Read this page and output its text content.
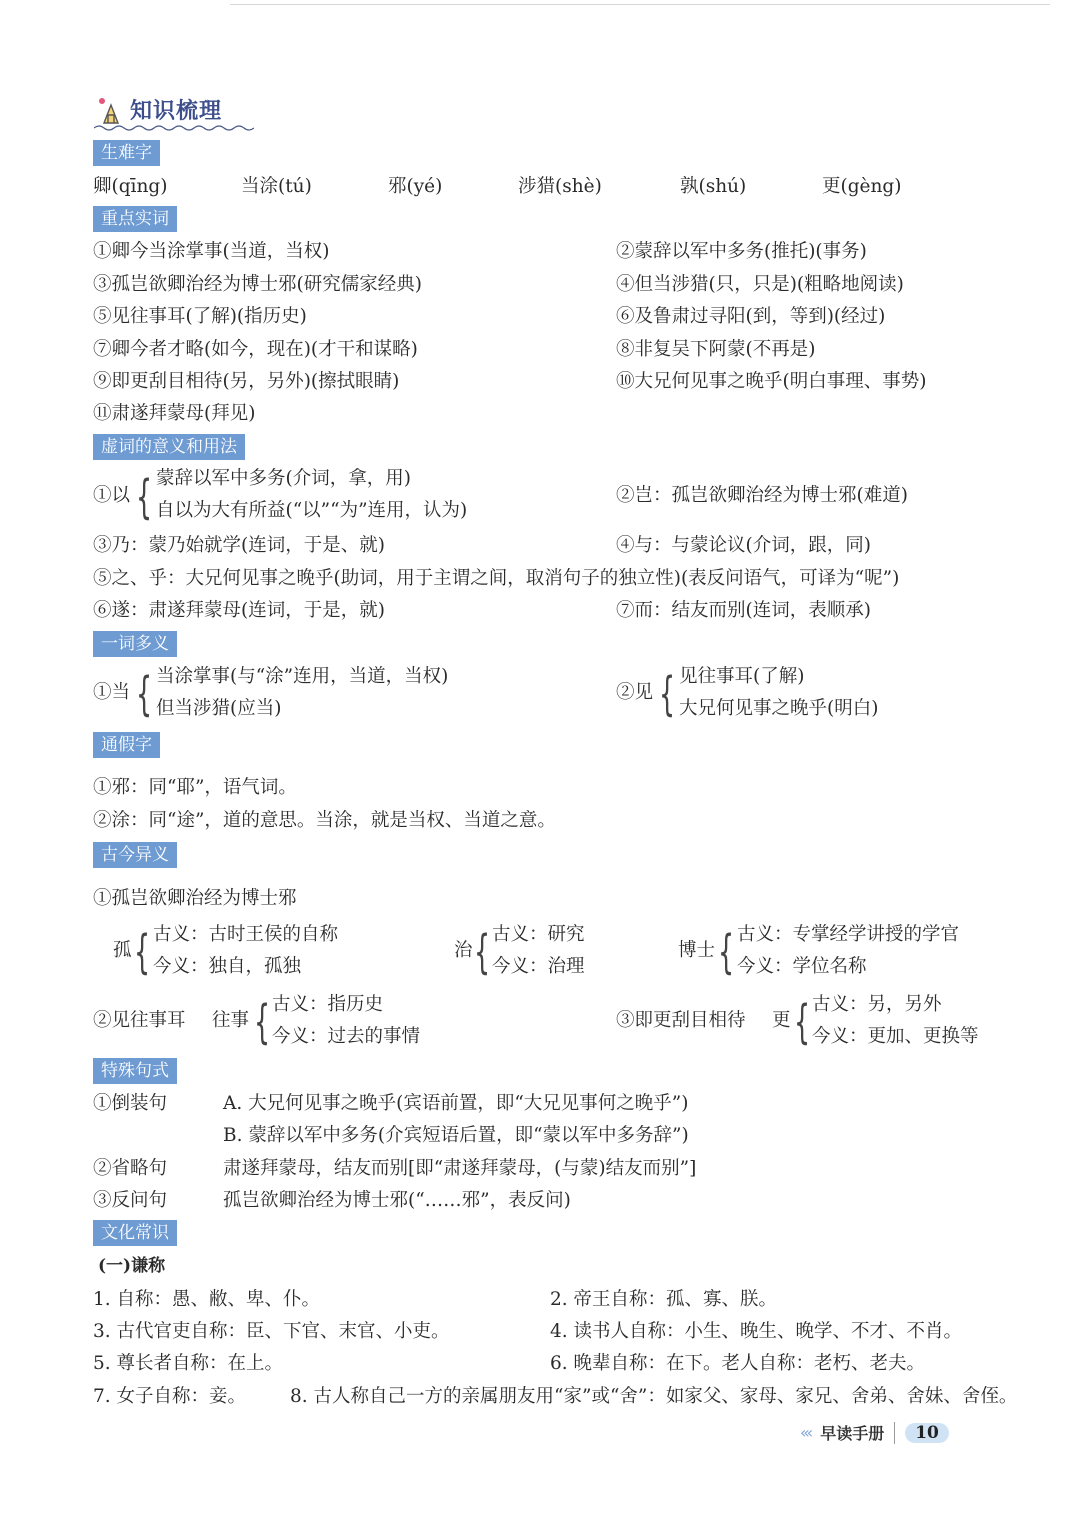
知识梳理
生难字
卿(qīng)	当涂(tú)	邪(yé)	涉猎(shè)	孰(shú)	更(gèng)
重点实词
①卿今当涂掌事(当道，当权)	②蒙辞以军中多务(推托)(事务)
③孤岂欲卿治经为博士邪(研究儒家经典)	④但当涉猎(只，只是)(粗略地阅读)
⑤见往事耳(了解)(指历史)	⑥及鲁肃过寻阳(到，等到)(经过)
⑦卿今者才略(如今，现在)(才干和谋略)	⑧非复吴下阿蒙(不再是)
⑨即更刮目相待(另，另外)(擦拭眼睛)	⑩大兄何见事之晚乎(明白事理、事势)
⑪肃遂拜蒙母(拜见)
虚词的意义和用法
①以 { 蒙辞以军中多务(介词，拿，用)
自以为大有所益(“以”“为”连用，认为)
②岂：孤岂欲卿治经为博士邪(难道)
③乃：蒙乃始就学(连词，于是、就)	④与：与蒙论议(介词，跟，同)
⑤之、乎：大兄何见事之晚乎(助词，用于主谓之间，取消句子的独立性)(表反问语气，可译为“呢”)
⑥遂：肃遂拜蒙母(连词，于是，就)	⑦而：结友而别(连词，表顺承)
一词多义
①当 { 当涂掌事(与“涂”连用，当道，当权)
但当涉猎(应当)
②见 { 见往事耳(了解)
大兄何见事之晚乎(明白)
通假字
①邪：同“耶”，语气词。
②涂：同“途”，道的意思。当涂，就是当权、当道之意。
古今异义
①孤岂欲卿治经为博士邪
孤 { 古义：古时王侯的自称
今义：独自，孤独
治 { 古义：研究
今义：治理
博士 { 古义：专掌经学讲授的学官
今义：学位名称
②见往事耳 往事 { 古义：指历史
今义：过去的事情
③即更刮目相待 更 { 古义：另，另外
今义：更加、更换等
特殊句式
①倒装句	A. 大兄何见事之晚乎(宾语前置，即“大兄见事何之晚乎”)
B. 蒙辞以军中多务(介宾短语后置，即“蒙以军中多务辞”)
②省略句	肃遂拜蒙母，结友而别[即“肃遂拜蒙母，(与蒙)结友而别”]
③反问句	孤岂欲卿治经为博士邪(“……邪”，表反问)
文化常识
(一)谦称
1. 自称：愚、敝、卑、仆。	2. 帝王自称：孤、寡、朕。
3. 古代官吏自称：臣、下官、末官、小吏。	4. 读书人自称：小生、晚生、晚学、不才、不肖。
5. 尊长者自称：在上。	6. 晚辈自称：在下。老人自称：老朽、老夫。
7. 女子自称：妾。 8. 古人称自己一方的亲属朋友用“家”或“舍”：如家父、家母、家兄、舍弟、舍妹、舍侄。
‹‹‹ 早读手册	10
